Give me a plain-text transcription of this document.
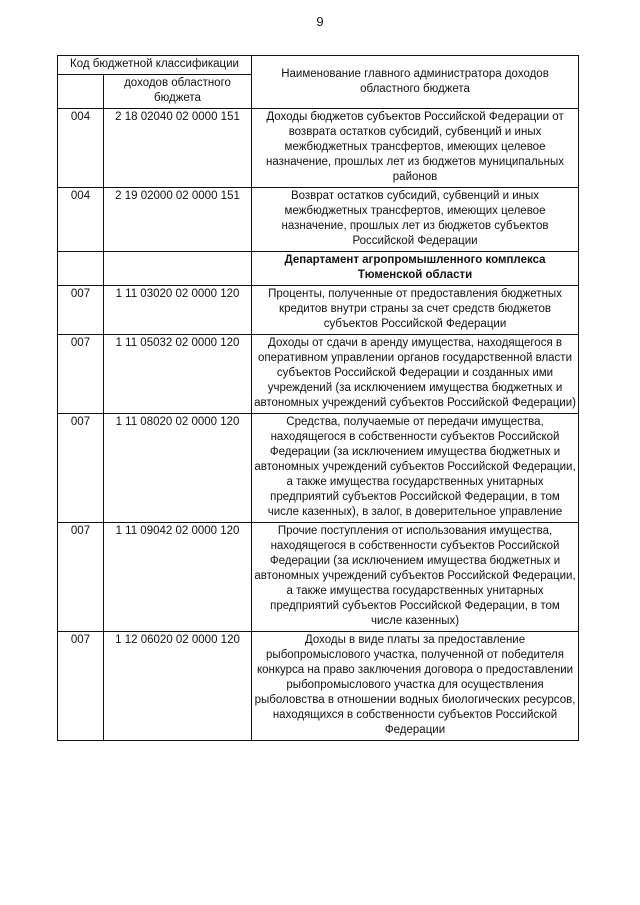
9
Код бюджетной классификации		Наименование главного администратора доходов областного бюджета
	доходов областного бюджета	
004	2 18 02040 02 0000 151	Доходы бюджетов субъектов Российской Федерации от возврата остатков субсидий, субвенций и иных межбюджетных трансфертов, имеющих целевое назначение, прошлых лет из бюджетов муниципальных районов
004	2 19 02000 02 0000 151	Возврат остатков субсидий, субвенций и иных межбюджетных трансфертов, имеющих целевое назначение, прошлых лет из бюджетов субъектов Российской Федерации
		Департамент агропромышленного комплекса Тюменской области
007	1 11 03020 02 0000 120	Проценты, полученные от предоставления бюджетных кредитов внутри страны за счет средств бюджетов субъектов Российской Федерации
007	1 11 05032 02 0000 120	Доходы от сдачи в аренду имущества, находящегося в оперативном управлении органов государственной власти субъектов Российской Федерации и созданных ими учреждений (за исключением имущества бюджетных и автономных учреждений субъектов Российской Федерации)
007	1 11 08020 02 0000 120	Средства, получаемые от передачи имущества, находящегося в собственности субъектов Российской Федерации (за исключением имущества бюджетных и автономных учреждений субъектов Российской Федерации, а также имущества государственных унитарных предприятий субъектов Российской Федерации, в том числе казенных), в залог, в доверительное управление
007	1 11 09042 02 0000 120	Прочие поступления от использования имущества, находящегося в собственности субъектов Российской Федерации (за исключением имущества бюджетных и автономных учреждений субъектов Российской Федерации, а также имущества государственных унитарных предприятий субъектов Российской Федерации, в том числе казенных)
007	1 12 06020 02 0000 120	Доходы в виде платы за предоставление рыбопромыслового участка, полученной от победителя конкурса на право заключения договора о предоставлении рыбопромыслового участка для осуществления рыболовства в отношении водных биологических ресурсов, находящихся в собственности субъектов Российской Федерации
